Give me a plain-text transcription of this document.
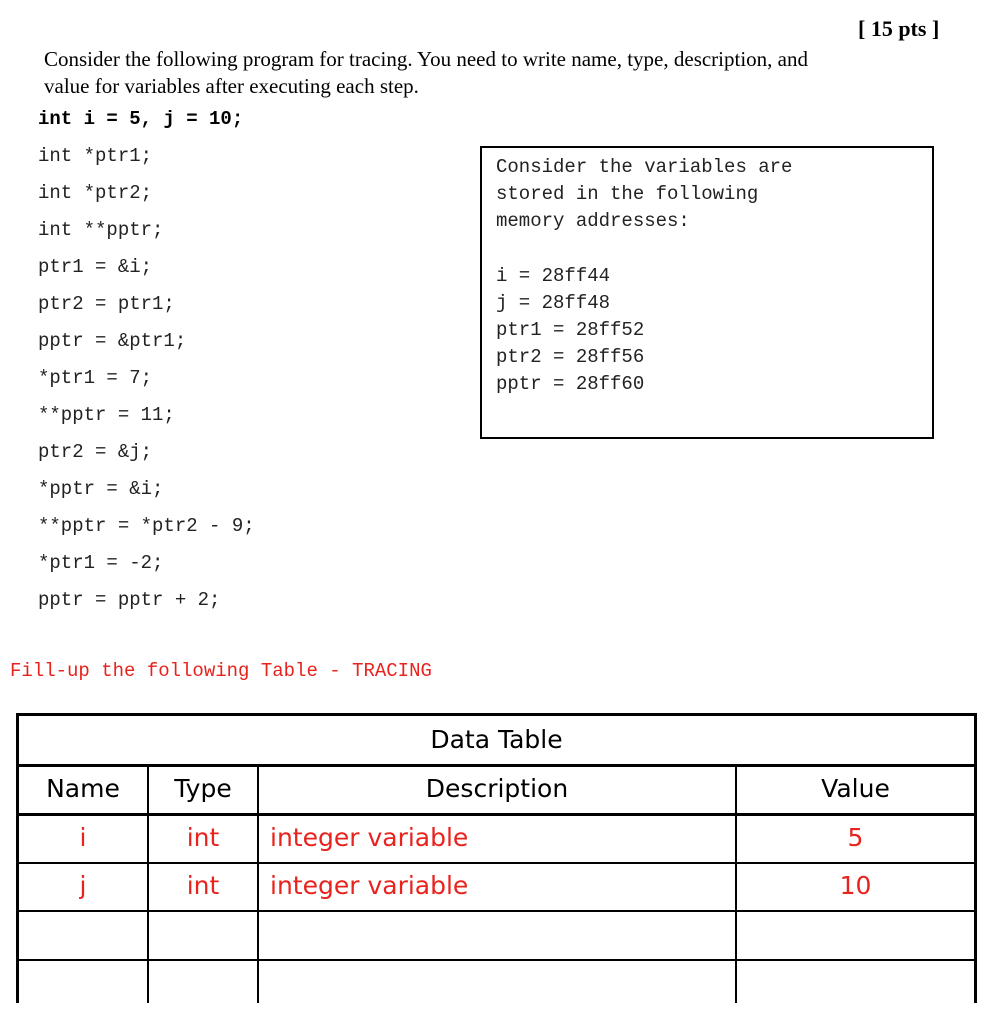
[ 15 pts ]
Consider the following program for tracing. You need to write name, type, description, and
value for variables after executing each step.
int i = 5, j = 10;
int *ptr1;
int *ptr2;
int **pptr;
ptr1 = &i;
ptr2 = ptr1;
pptr = &ptr1;
*ptr1 = 7;
**pptr = 11;
ptr2 = &j;
*pptr = &i;
**pptr = *ptr2 - 9;
*ptr1 = -2;
pptr = pptr + 2;
Consider the variables are
stored in the following
memory addresses:
i = 28ff44
j = 28ff48
ptr1 = 28ff52
ptr2 = 28ff56
pptr = 28ff60
Fill-up the following Table - TRACING
Data Table
Name	Type	Description	Value
i	int	integer variable	5
j	int	integer variable	10
